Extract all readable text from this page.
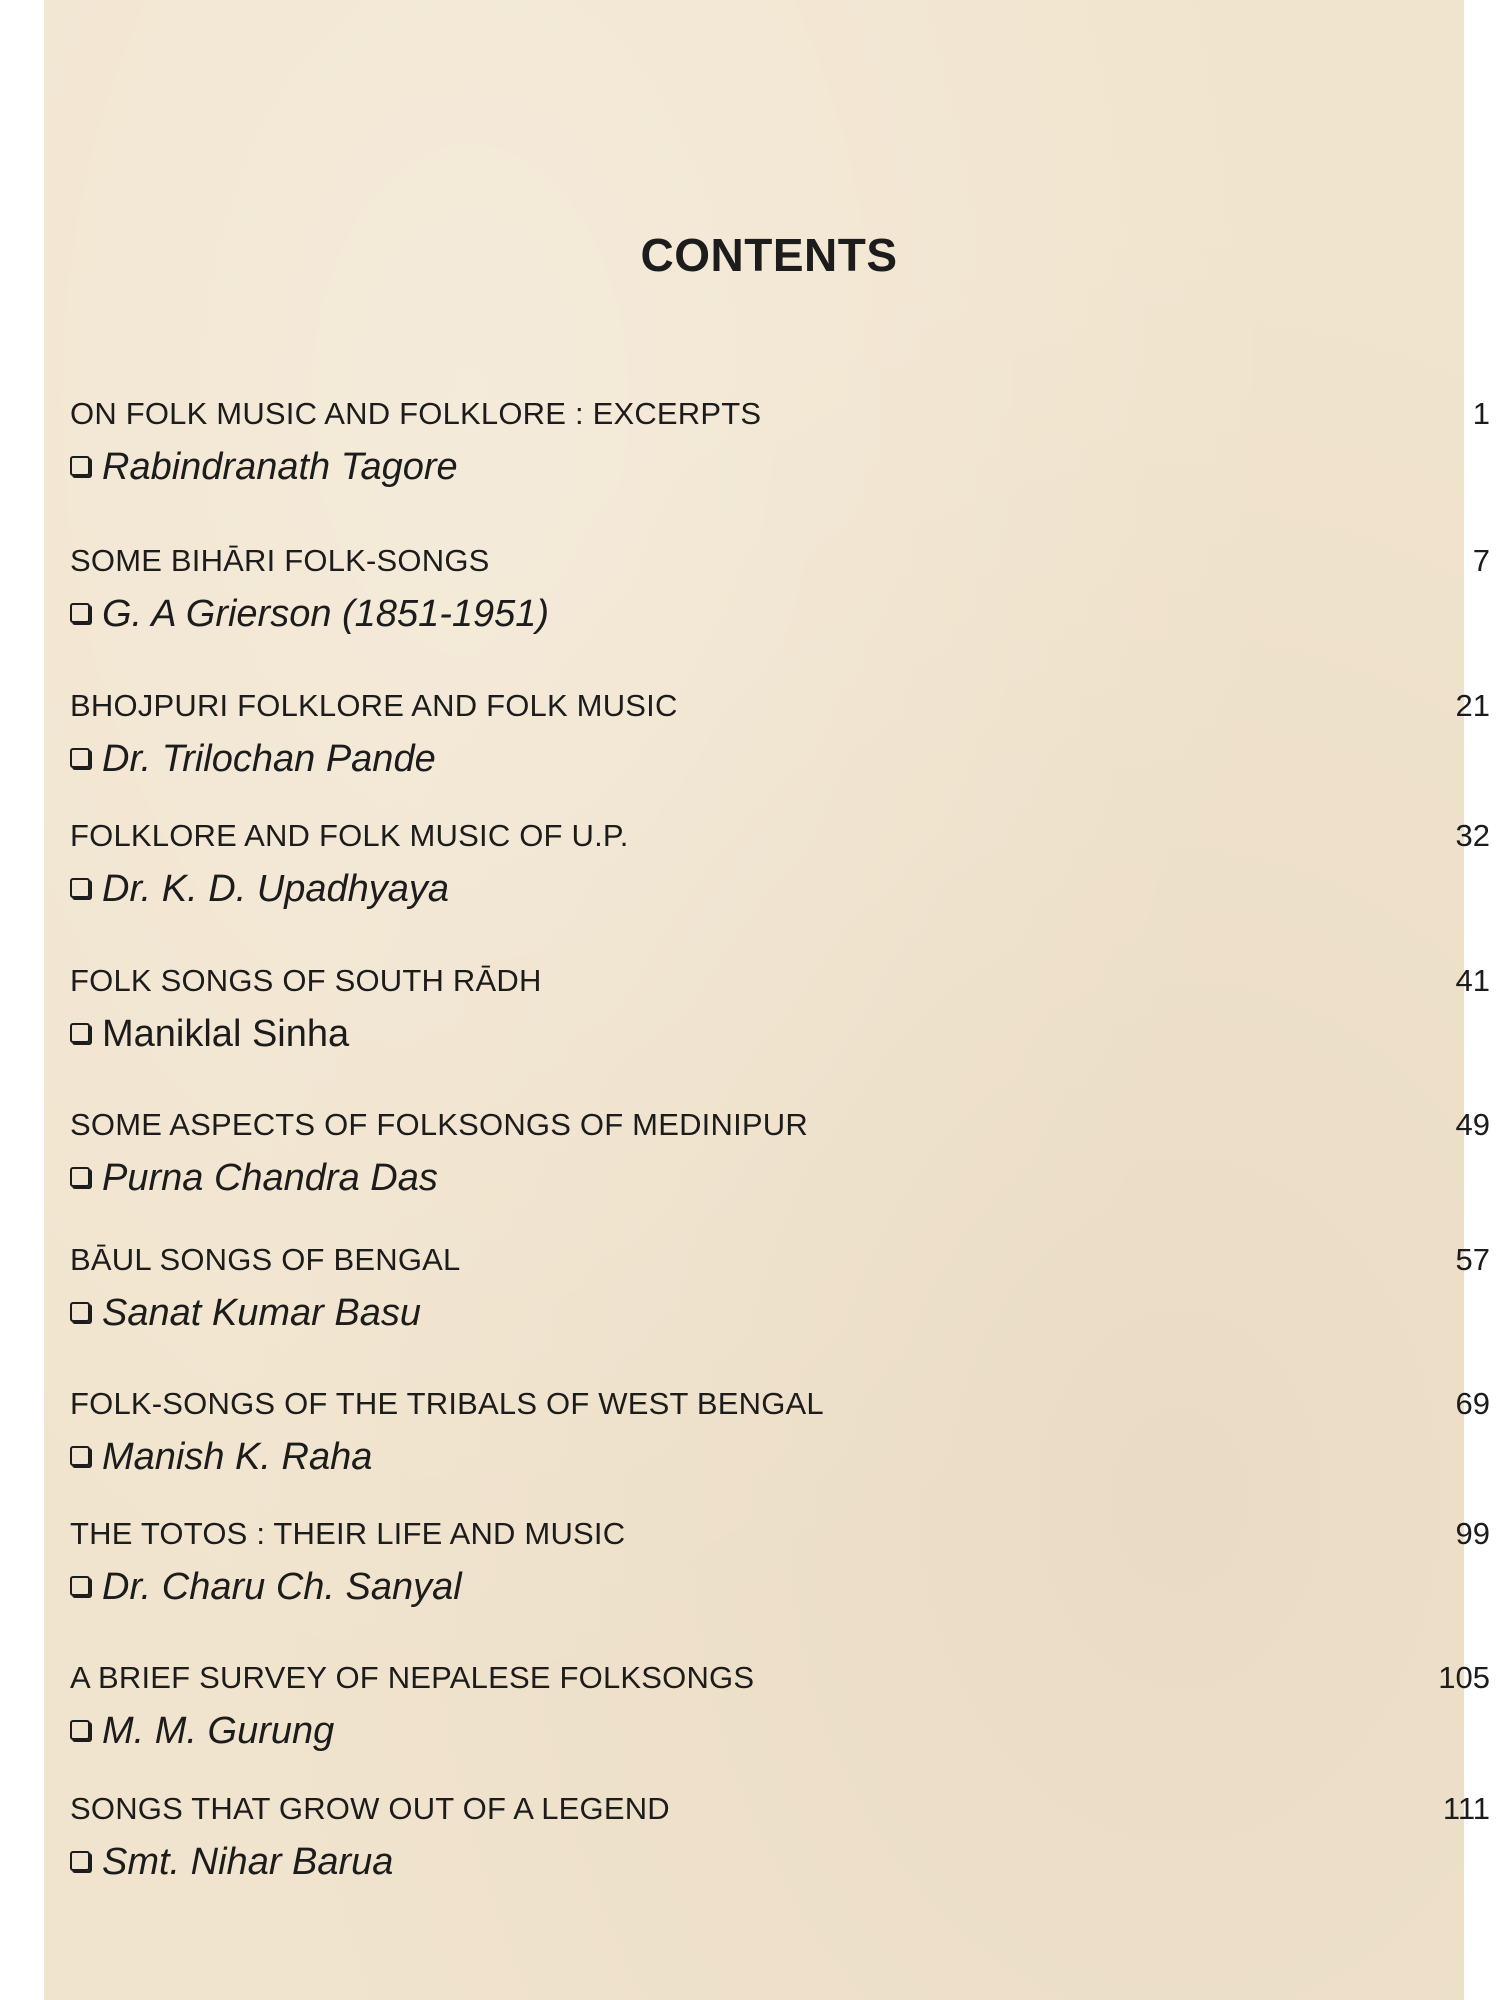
CONTENTS
ON FOLK MUSIC AND FOLKLORE : EXCERPTS	1
Rabindranath Tagore
SOME BIHĀRI FOLK-SONGS	7
G. A Grierson (1851-1951)
BHOJPURI FOLKLORE AND FOLK MUSIC	21
Dr. Trilochan Pande
FOLKLORE AND FOLK MUSIC OF U.P.	32
Dr. K. D. Upadhyaya
FOLK SONGS OF SOUTH RĀDH	41
Maniklal Sinha
SOME ASPECTS OF FOLKSONGS OF MEDINIPUR	49
Purna Chandra Das
BĀUL SONGS OF BENGAL	57
Sanat Kumar Basu
FOLK-SONGS OF THE TRIBALS OF WEST BENGAL	69
Manish K. Raha
THE TOTOS : THEIR LIFE AND MUSIC	99
Dr. Charu Ch. Sanyal
A BRIEF SURVEY OF NEPALESE FOLKSONGS	105
M. M. Gurung
SONGS THAT GROW OUT OF A LEGEND	111
Smt. Nihar Barua
